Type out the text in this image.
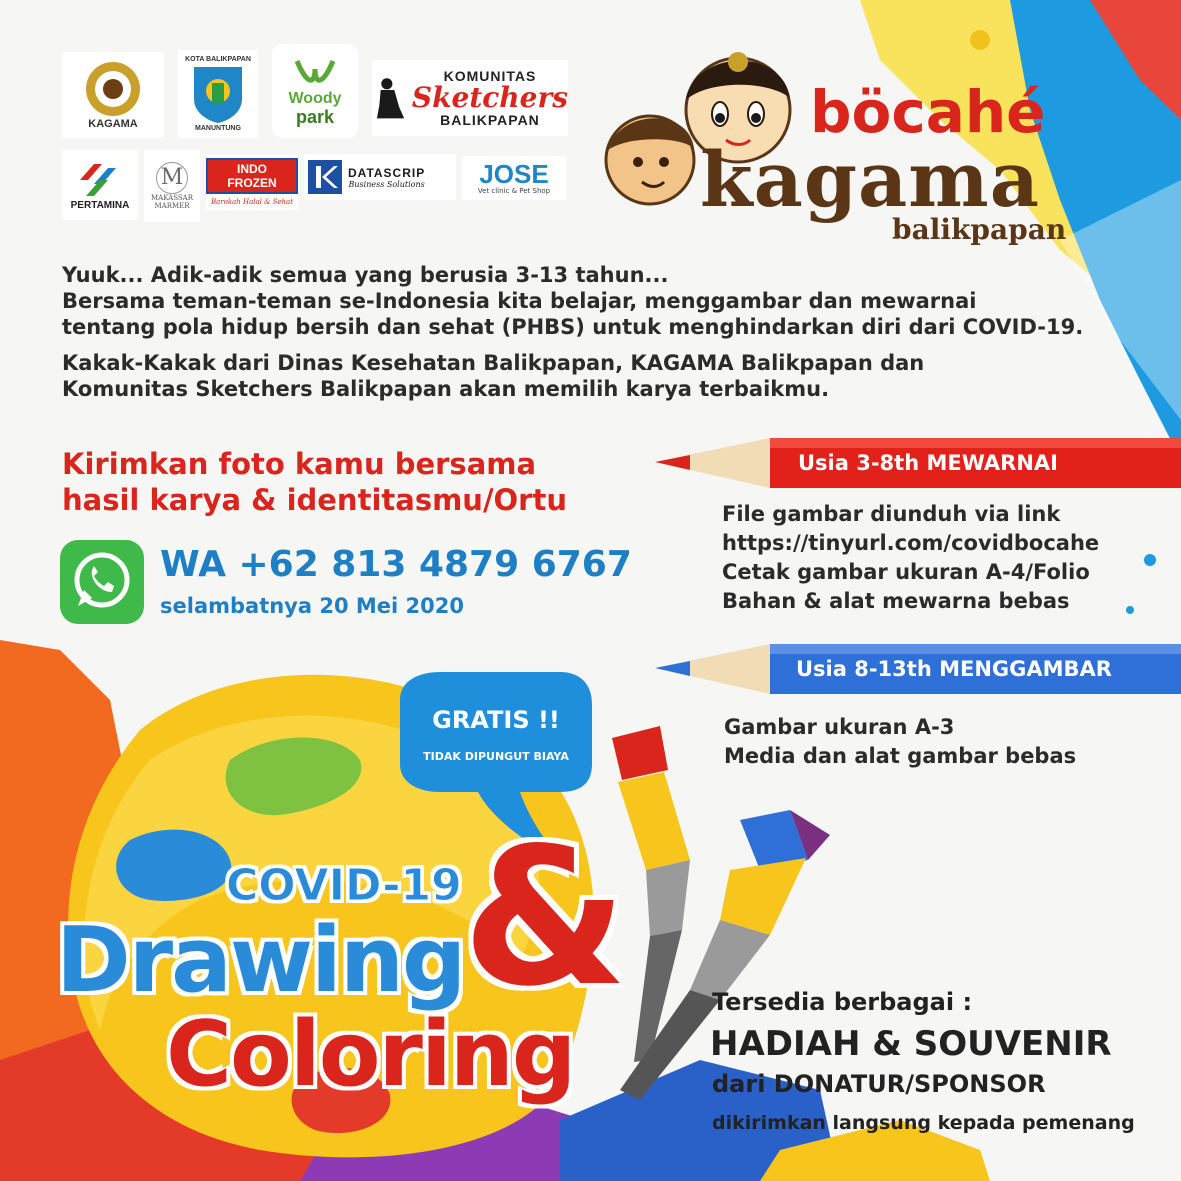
KAGAMA
KOTA BALIKPAPAN
MANUNTUNG
Woody
park
KOMUNITAS
Sketchers
BALIKPAPAN
PERTAMINA
M
MAKASSAR
MARMER
INDO FROZEN
Barokah Halal & Sehat
DATASCRIP
Business Solutions JOSE
Vet clinic & Pet Shop
böcahé
kagama
balikpapan
Yuuk... Adik-adik semua yang berusia 3-13 tahun...
Bersama teman-teman se-Indonesia kita belajar, menggambar dan mewarnai
tentang pola hidup bersih dan sehat (PHBS) untuk menghindarkan diri dari COVID-19.
Kakak-Kakak dari Dinas Kesehatan Balikpapan, KAGAMA Balikpapan dan
Komunitas Sketchers Balikpapan akan memilih karya terbaikmu.
Kirimkan foto kamu bersama
hasil karya & identitasmu/Ortu
WA +62 813 4879 6767
selambatnya 20 Mei 2020
Usia 3-8th MEWARNAI
File gambar diunduh via link
https://tinyurl.com/covidbocahe
Cetak gambar ukuran A-4/Folio
Bahan & alat mewarna bebas
Usia 8-13th MENGGAMBAR
Gambar ukuran A-3
Media dan alat gambar bebas
GRATIS !!
TIDAK DIPUNGUT BIAYA
COVID-19
Drawing
&
Coloring	Tersedia berbagai :
HADIAH & SOUVENIR
dari DONATUR/SPONSOR
dikirimkan langsung kepada pemenang
